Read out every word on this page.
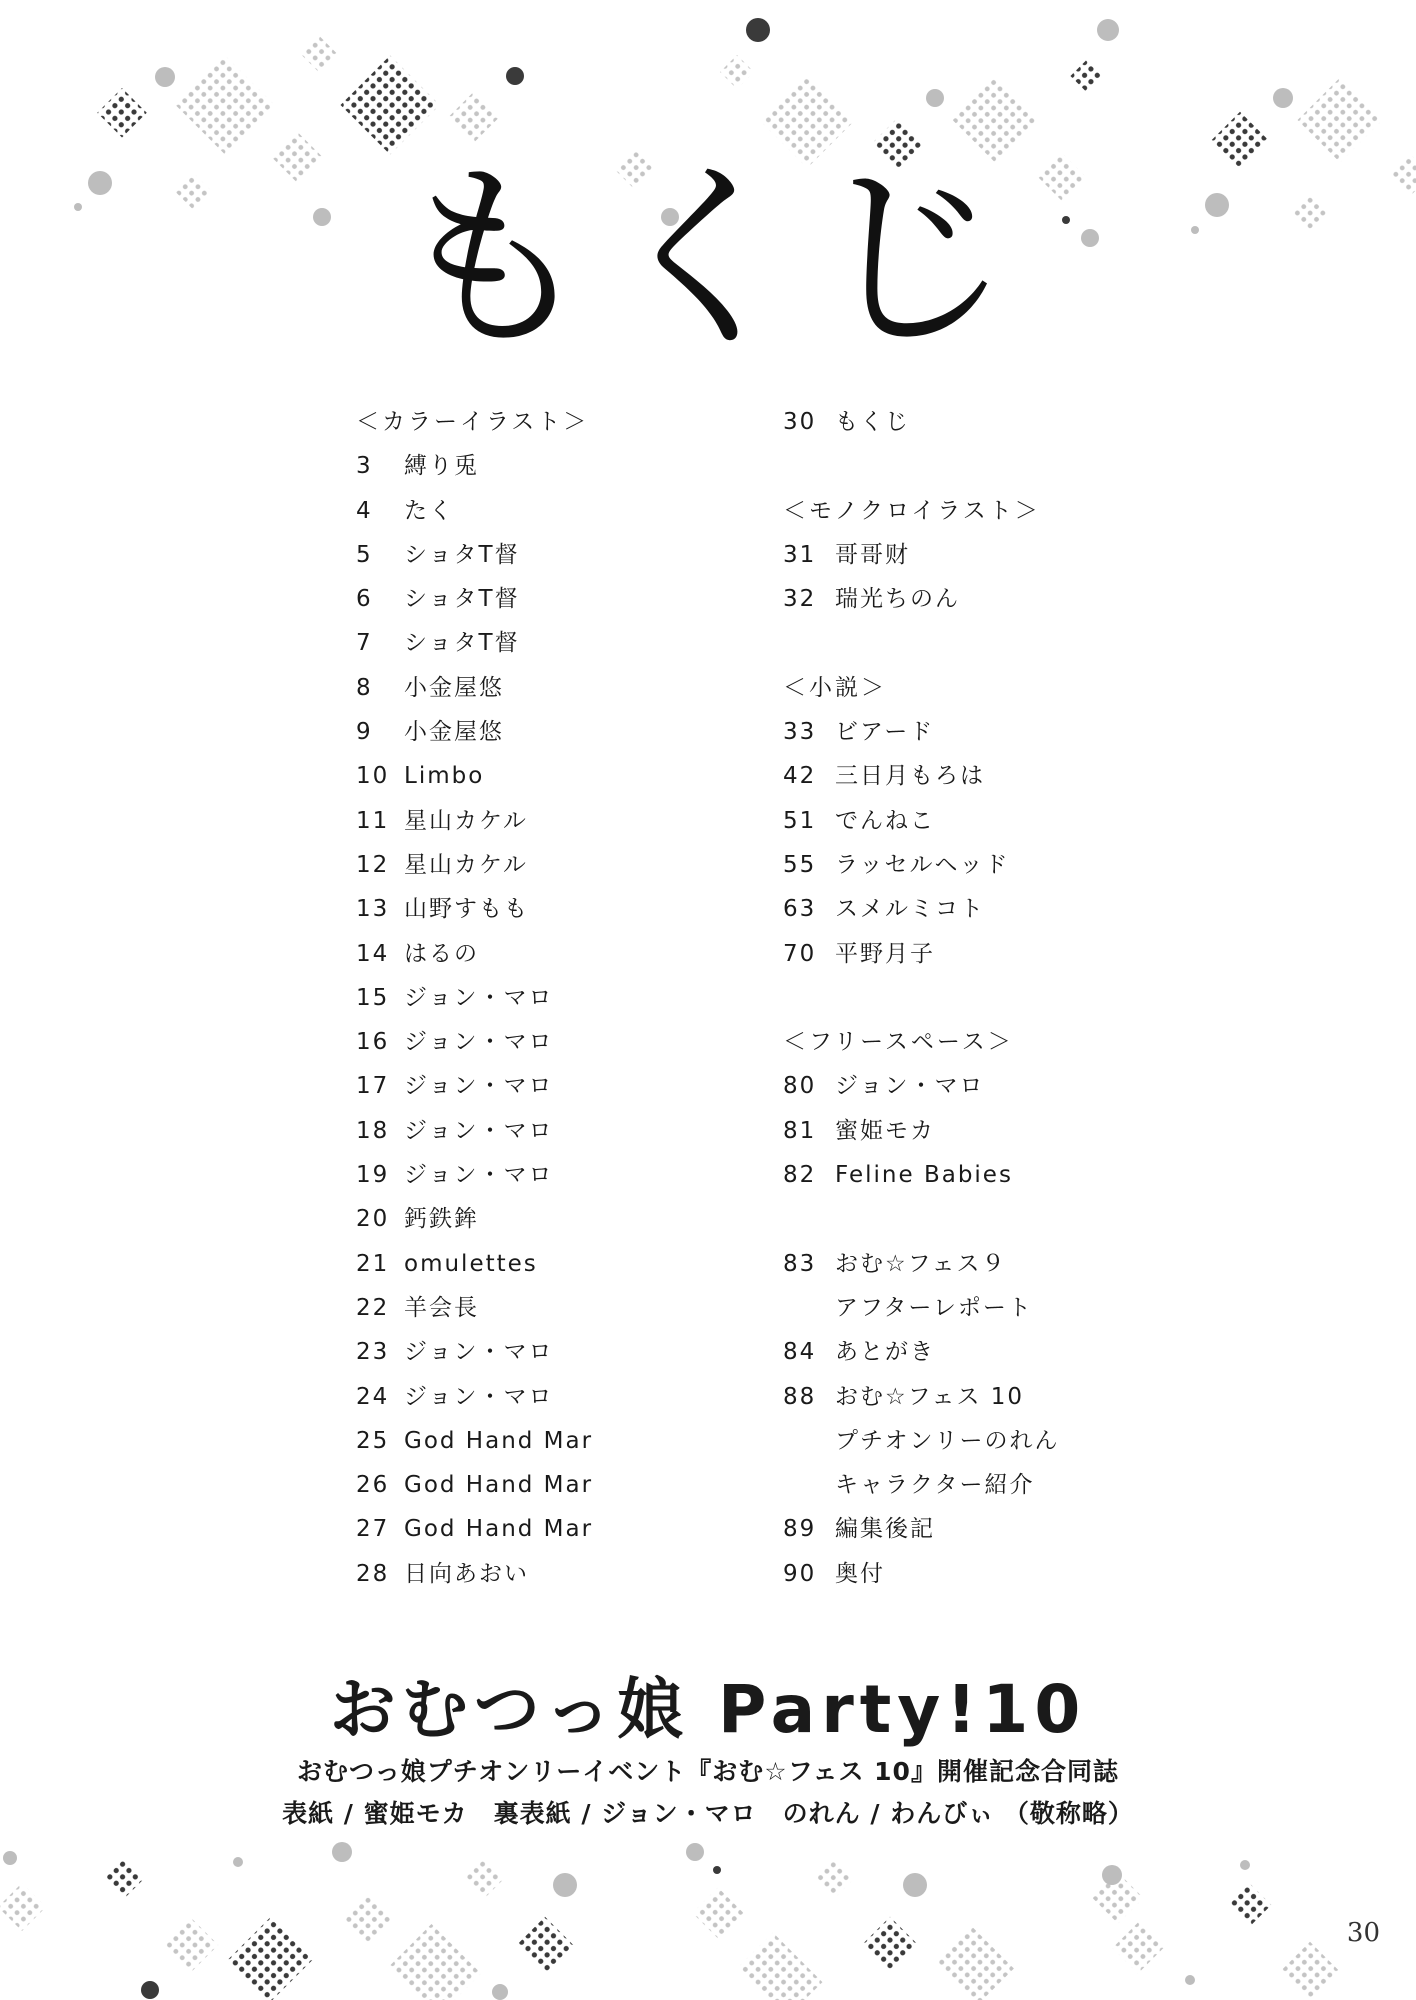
もくじ
＜カラーイラスト＞
3 縛り兎
4 たく
5 ショタT督
6 ショタT督
7 ショタT督
8 小金屋悠
9 小金屋悠
10 Limbo
11 星山カケル
12 星山カケル
13 山野すもも
14 はるの
15 ジョン・マロ
16 ジョン・マロ
17 ジョン・マロ
18 ジョン・マロ
19 ジョン・マロ
20 鈣鉄鉾
21 omulettes
22 羊会長
23 ジョン・マロ
24 ジョン・マロ
25 God Hand Mar
26 God Hand Mar
27 God Hand Mar
28 日向あおい
30 もくじ
＜モノクロイラスト＞
31 哥哥财
32 瑞光ちのん
＜小説＞
33 ビアード
42 三日月もろは
51 でんねこ
55 ラッセルヘッド
63 スメルミコト
70 平野月子
＜フリースペース＞
80 ジョン・マロ
81 蜜姫モカ
82 Feline Babies
83 おむ☆フェス９
アフターレポート
84 あとがき
88 おむ☆フェス 10
プチオンリーのれん
キャラクター紹介
89 編集後記
90 奥付
おむつっ娘 Party!10
おむつっ娘プチオンリーイベント『おむ☆フェス 10』開催記念合同誌
表紙 / 蜜姫モカ　裏表紙 / ジョン・マロ　のれん / わんびぃ （敬称略）
30
